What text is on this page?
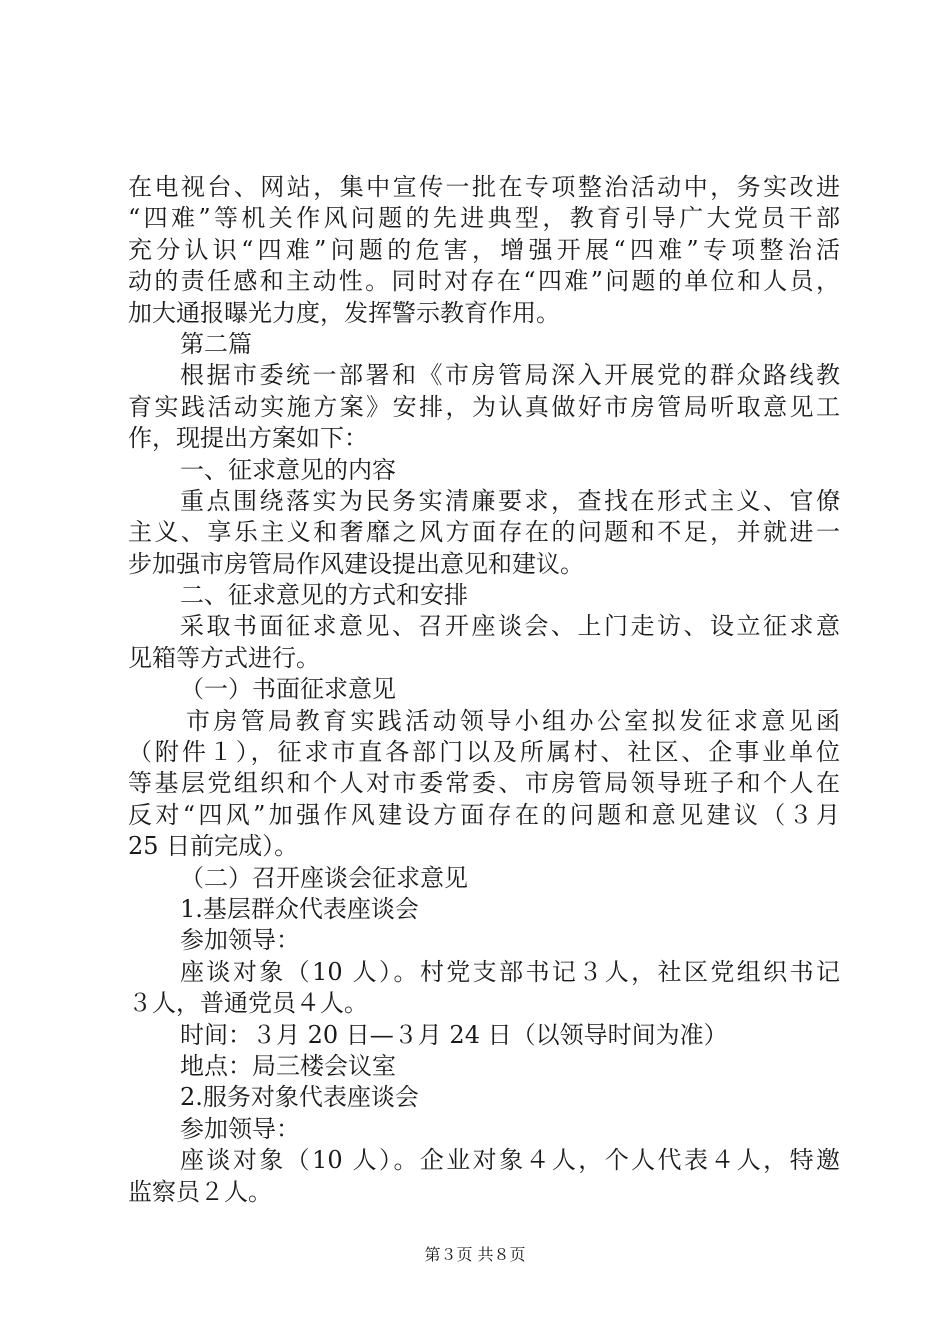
在电视台、网站，集中宣传一批在专项整治活动中，务实改进
“四难”等机关作风问题的先进典型，教育引导广大党员干部
充分认识“四难”问题的危害，增强开展“四难”专项整治活
动的责任感和主动性。同时对存在“四难”问题的单位和人员，
加大通报曝光力度，发挥警示教育作用。
第二篇
根据市委统一部署和《市房管局深入开展党的群众路线教
育实践活动实施方案》安排，为认真做好市房管局听取意见工
作，现提出方案如下：
一、征求意见的内容
重点围绕落实为民务实清廉要求，查找在形式主义、官僚
主义、享乐主义和奢靡之风方面存在的问题和不足，并就进一
步加强市房管局作风建设提出意见和建议。
二、征求意见的方式和安排
采取书面征求意见、召开座谈会、上门走访、设立征求意
见箱等方式进行。
（一）书面征求意见
市房管局教育实践活动领导小组办公室拟发征求意见函
（附件１），征求市直各部门以及所属村、社区、企事业单位
等基层党组织和个人对市委常委、市房管局领导班子和个人在
反对“四风”加强作风建设方面存在的问题和意见建议（３月
25 日前完成）。
（二）召开座谈会征求意见
1.基层群众代表座谈会
参加领导：
座谈对象（10 人）。村党支部书记３人，社区党组织书记
３人，普通党员４人。
时间：３月 20 日—３月 24 日（以领导时间为准）
地点：局三楼会议室
2.服务对象代表座谈会
参加领导：
座谈对象（10 人）。企业对象４人，个人代表４人，特邀
监察员２人。
第３页 共８页
